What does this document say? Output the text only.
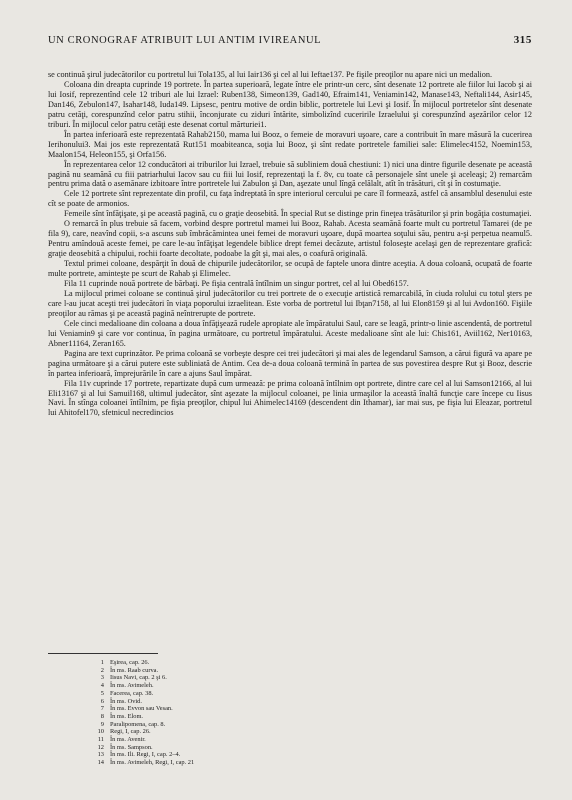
UN CRONOGRAF ATRIBUIT LUI ANTIM IVIREANUL	315

se continuă şirul judecătorilor cu portretul lui Tola135, al lui Iair136 şi cel al lui Ieftae137. Pe fişile preoţilor nu apare nici un medalion.

Coloana din dreapta cuprinde 19 portrete. În partea superioară, legate între ele printr-un cerc, sînt desenate 12 portrete ale fiilor lui Iacob şi ai lui Iosif, reprezentînd cele 12 triburi ale lui Izrael: Ruben138, Simeon139, Gad140, Efraim141, Veniamin142, Manase143, Neftali144, Asir145, Dan146, Zebulon147, Isahar148, Iuda149. Lipsesc, pentru motive de ordin biblic, portretele lui Levi şi Iosif. În mijlocul portretelor sînt desenate patru cetăţi, corespunzînd celor patru stihii, înconjurate cu ziduri întărite, simbolizînd cuceririle Izraelului şi corespunzînd aşezărilor celor 12 triburi. În mijlocul celor patru cetăţi este desenat cortul mărturiei1.

În partea inferioară este reprezentată Rahab2150, mama lui Booz, o femeie de moravuri uşoare, care a contribuit în mare măsură la cucerirea Ierihonului3. Mai jos este reprezentată Rut151 moabiteanca, soţia lui Booz, şi sînt redate portretele familiei sale: Elimelec4152, Noemin153, Maalon154, Heleon155, şi Orfa156.

În reprezentarea celor 12 conducători ai triburilor lui Izrael, trebuie să subliniem două chestiuni: 1) nici una dintre figurile desenate pe această pagină nu seamănă cu fiii patriarhului Iacov sau cu fiii lui Iosif, reprezentaţi la f. 8v, cu toate că personajele sînt unele şi aceleaşi; 2) remarcăm pentru prima dată o asemănare izbitoare între portretele lui Zabulon şi Dan, aşezate unul lîngă celălalt, atît în trăsături, cît şi în costumaţie.

Cele 12 portrete sînt reprezentate din profil, cu faţa îndreptată în spre interiorul cercului pe care îl formează, astfel că ansamblul desenului este cît se poate de armonios.

Femeile sînt înfăţişate, şi pe această pagină, cu o graţie deosebită. În special Rut se distinge prin fineţea trăsăturilor şi prin bogăţia costumaţiei.

O remarcă în plus trebuie să facem, vorbind despre portretul mamei lui Booz, Rahab. Acesta seamănă foarte mult cu portretul Tamarei (de pe fila 9), care, neavînd copii, s-a ascuns sub îmbrăcămintea unei femei de moravuri uşoare, după moartea soţului său, pentru a-şi perpetua neamul5. Pentru amîndouă aceste femei, pe care le-au înfăţişat legendele biblice drept femei decăzute, artistul foloseşte acelaşi gen de reprezentare grafică: graţie deosebită a chipului, rochii foarte decoltate, podoabe la gît şi, mai ales, o coafură originală.

Textul primei coloane, despărţit în două de chipurile judecătorilor, se ocupă de faptele unora dintre aceştia. A doua coloană, ocupată de foarte multe portrete, aminteşte pe scurt de Rahab şi Elimelec.

Fila 11 cuprinde nouă portrete de bărbaţi. Pe fişia centrală întîlnim un singur portret, cel al lui Obed6157.

La mijlocul primei coloane se continuă şirul judecătorilor cu trei portrete de o execuţie artistică remarcabilă, în ciuda rolului cu totul şters pe care l-au jucat aceşti trei judecători în viaţa poporului izraelitean. Este vorba de portretul lui Ibţan7158, al lui Elon8159 şi al lui Avdon160. Fişiile preoţilor au rămas şi pe această pagină neîntrerupte de portrete.

Cele cinci medalioane din coloana a doua înfăţişează rudele apropiate ale împăratului Saul, care se leagă, printr-o linie ascendentă, de portretul lui Veniamin9 şi care vor continua, în pagina următoare, cu portretul împăratului. Aceste medalioane sînt ale lui: Chis161, Aviil162, Ner10163, Abner11164, Zeran165.

Pagina are text cuprinzător. Pe prima coloană se vorbeşte despre cei trei judecători şi mai ales de legendarul Samson, a cărui figură va apare pe pagina următoare şi a cărui putere este subliniată de Antim. Cea de-a doua coloană termină în partea de sus povestirea despre Rut şi Booz, descrie în partea inferioară, împrejurările în care a ajuns Saul împărat.

Fila 11v cuprinde 17 portrete, repartizate după cum urmează: pe prima coloană întîlnim opt portrete, dintre care cel al lui Samson12166, al lui Eli13167 şi al lui Samuil168, ultimul judecător, sînt aşezate la mijlocul coloanei, pe linia urmaşilor la această înaltă funcţie care începe cu Iisus Navi. În stînga coloanei întîlnim, pe fişia preoţilor, chipul lui Ahimelec14169 (descendent din Ithamar), iar mai sus, pe fişia lui Eleazar, portretul lui Ahitofel170, sfetnicul necredincios

1 Eşirea, cap. 26.
2 În ms. Raab curva.
3 Iisus Navi, cap. 2 şi 6.
4 În ms. Avimeleh.
5 Facerea, cap. 38.
6 În ms. Ovid.
7 În ms. Evvon sau Vesan.
8 În ms. Elom.
9 Paralipomena, cap. 8.
10 Regi, I, cap. 26.
11 În ms. Avenir.
12 În ms. Sampson.
13 În ms. Ili. Regi, I, cap. 2–4.
14 În ms. Avimeleh, Regi, I, cap. 21
